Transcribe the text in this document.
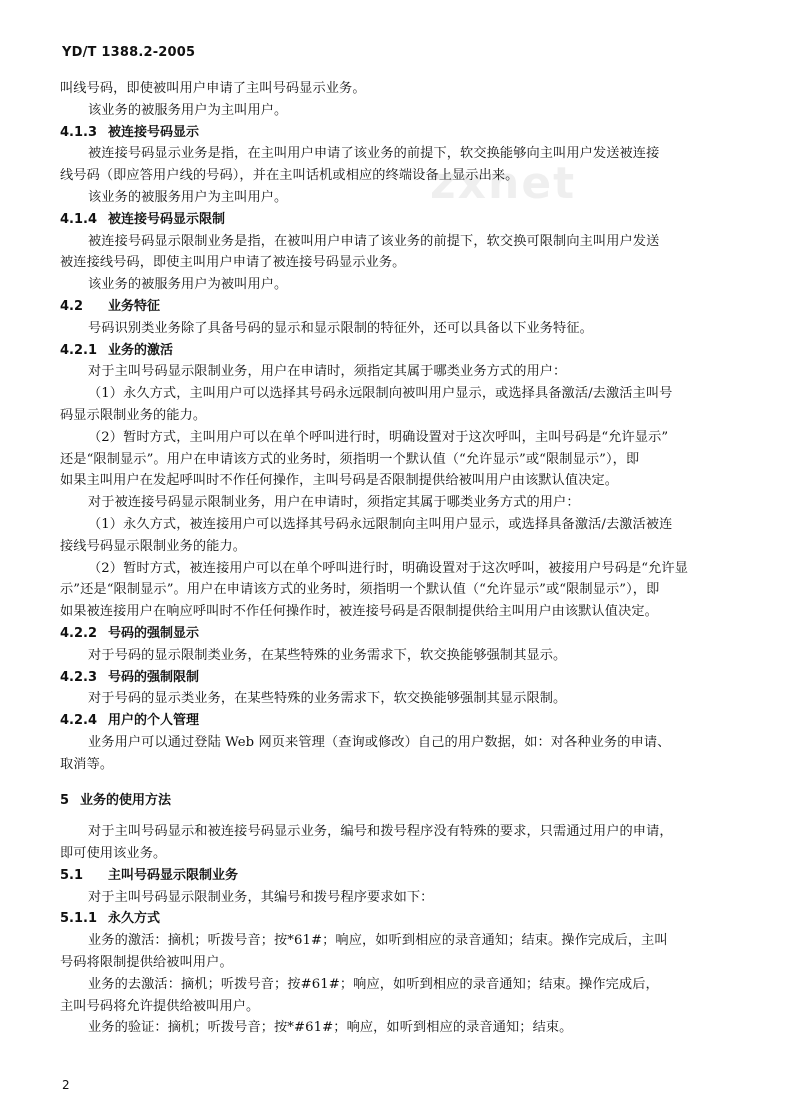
YD/T 1388.2-2005
zxnet
叫线号码，即使被叫用户申请了主叫号码显示业务。
该业务的被服务用户为主叫用户。
4.1.3 被连接号码显示
被连接号码显示业务是指，在主叫用户申请了该业务的前提下，软交换能够向主叫用户发送被连接
线号码（即应答用户线的号码），并在主叫话机或相应的终端设备上显示出来。
该业务的被服务用户为主叫用户。
4.1.4 被连接号码显示限制
被连接号码显示限制业务是指，在被叫用户申请了该业务的前提下，软交换可限制向主叫用户发送
被连接线号码，即使主叫用户申请了被连接号码显示业务。
该业务的被服务用户为被叫用户。
4.2 业务特征
号码识别类业务除了具备号码的显示和显示限制的特征外，还可以具备以下业务特征。
4.2.1 业务的激活
对于主叫号码显示限制业务，用户在申请时，须指定其属于哪类业务方式的用户：
（1）永久方式，主叫用户可以选择其号码永远限制向被叫用户显示，或选择具备激活/去激活主叫号
码显示限制业务的能力。
（2）暂时方式，主叫用户可以在单个呼叫进行时，明确设置对于这次呼叫，主叫号码是“允许显示”
还是“限制显示”。用户在申请该方式的业务时，须指明一个默认值（“允许显示”或“限制显示”），即
如果主叫用户在发起呼叫时不作任何操作，主叫号码是否限制提供给被叫用户由该默认值决定。
对于被连接号码显示限制业务，用户在申请时，须指定其属于哪类业务方式的用户：
（1）永久方式，被连接用户可以选择其号码永远限制向主叫用户显示，或选择具备激活/去激活被连
接线号码显示限制业务的能力。
（2）暂时方式，被连接用户可以在单个呼叫进行时，明确设置对于这次呼叫，被接用户号码是“允许显
示”还是“限制显示”。用户在申请该方式的业务时，须指明一个默认值（“允许显示”或“限制显示”），即
如果被连接用户在响应呼叫时不作任何操作时，被连接号码是否限制提供给主叫用户由该默认值决定。
4.2.2 号码的强制显示
对于号码的显示限制类业务，在某些特殊的业务需求下，软交换能够强制其显示。
4.2.3 号码的强制限制
对于号码的显示类业务，在某些特殊的业务需求下，软交换能够强制其显示限制。
4.2.4 用户的个人管理
业务用户可以通过登陆 Web 网页来管理（查询或修改）自己的用户数据，如：对各种业务的申请、
取消等。
5 业务的使用方法
对于主叫号码显示和被连接号码显示业务，编号和拨号程序没有特殊的要求，只需通过用户的申请，
即可使用该业务。
5.1 主叫号码显示限制业务
对于主叫号码显示限制业务，其编号和拨号程序要求如下：
5.1.1 永久方式
业务的激活：摘机；听拨号音；按*61#；响应，如听到相应的录音通知；结束。操作完成后，主叫
号码将限制提供给被叫用户。
业务的去激活：摘机；听拨号音；按#61#；响应，如听到相应的录音通知；结束。操作完成后，
主叫号码将允许提供给被叫用户。
业务的验证：摘机；听拨号音；按*#61#；响应，如听到相应的录音通知；结束。
2
